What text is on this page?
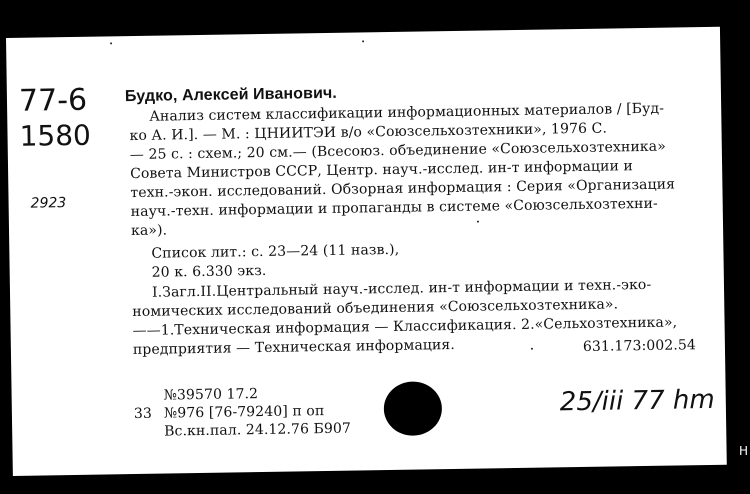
77-6
1580
2923
Будко, Алексей Иванович.
Анализ систем классификации информационных материалов / [Буд-
ко А. И.]. — М. : ЦНИИТЭИ в/о «Союзсельхозтехники», 1976 С.
— 25 с. : схем.; 20 см.— (Всесоюз. объединение «Союзсельхозтехника»
Совета Министров СССР, Центр. науч.-исслед. ин-т информации и
техн.-экон. исследований. Обзорная информация : Серия «Организация
науч.-техн. информации и пропаганды в системе «Союзсельхозтехни-
ка»).
Список лит.: с. 23—24 (11 назв.),
20 к. 6.330 экз.
I.Загл.II.Центральный науч.-исслед. ин-т информации и техн.-эко-
номических исследований объединения «Союзсельхозтехника».
——1.Техническая информация — Классификация. 2.«Сельхозтехника»,
предприятия — Техническая информация.	631.173:002.54
№39570 17.2
33 №976 [76-79240] п оп
Вс.кн.пал. 24.12.76 Б907
25/iii 77 hm
H
